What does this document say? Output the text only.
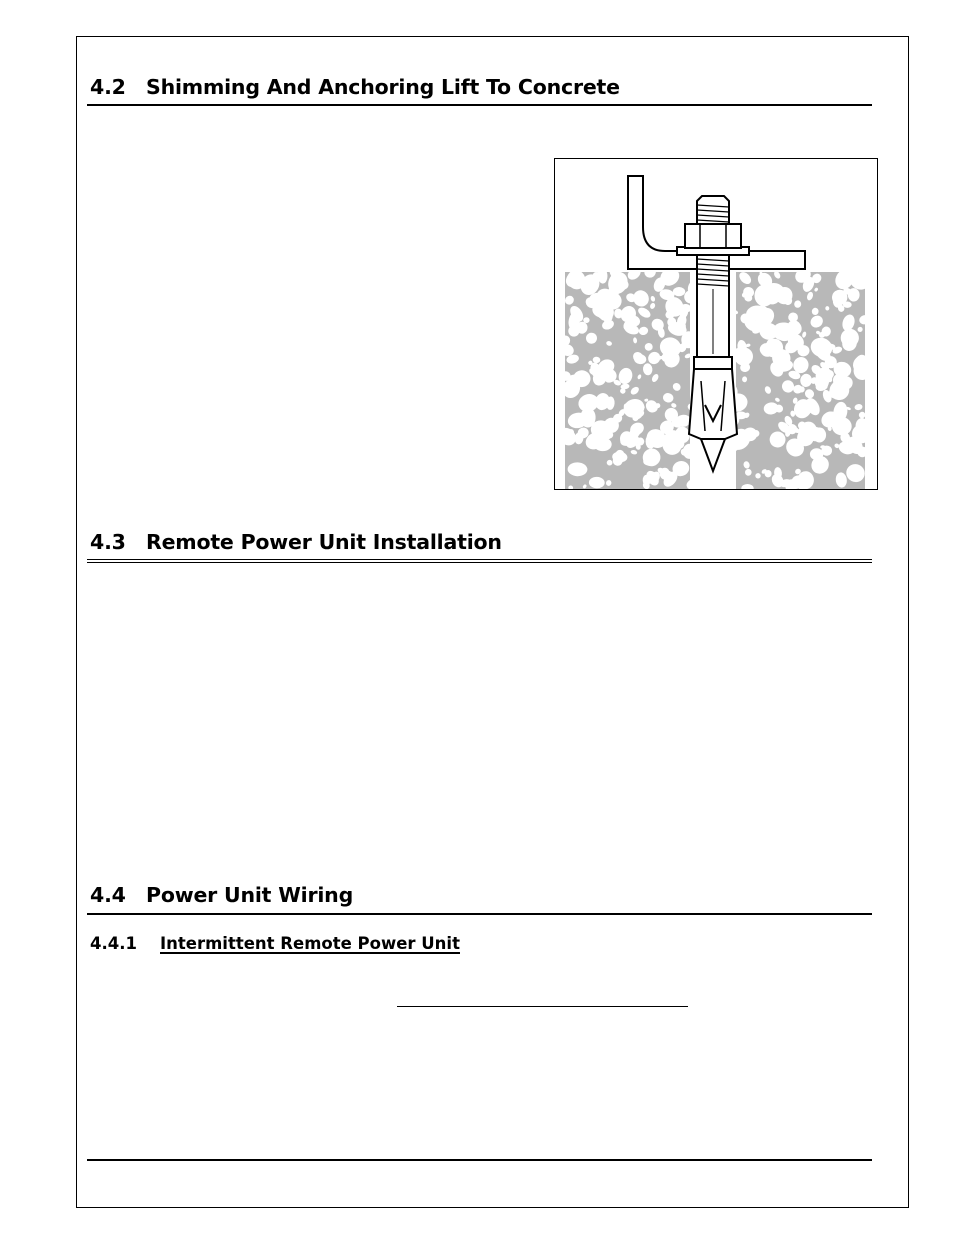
4.2 Shimming And Anchoring Lift To Concrete
4.3 Remote Power Unit Installation
4.4 Power Unit Wiring
4.4.1 Intermittent Remote Power Unit
